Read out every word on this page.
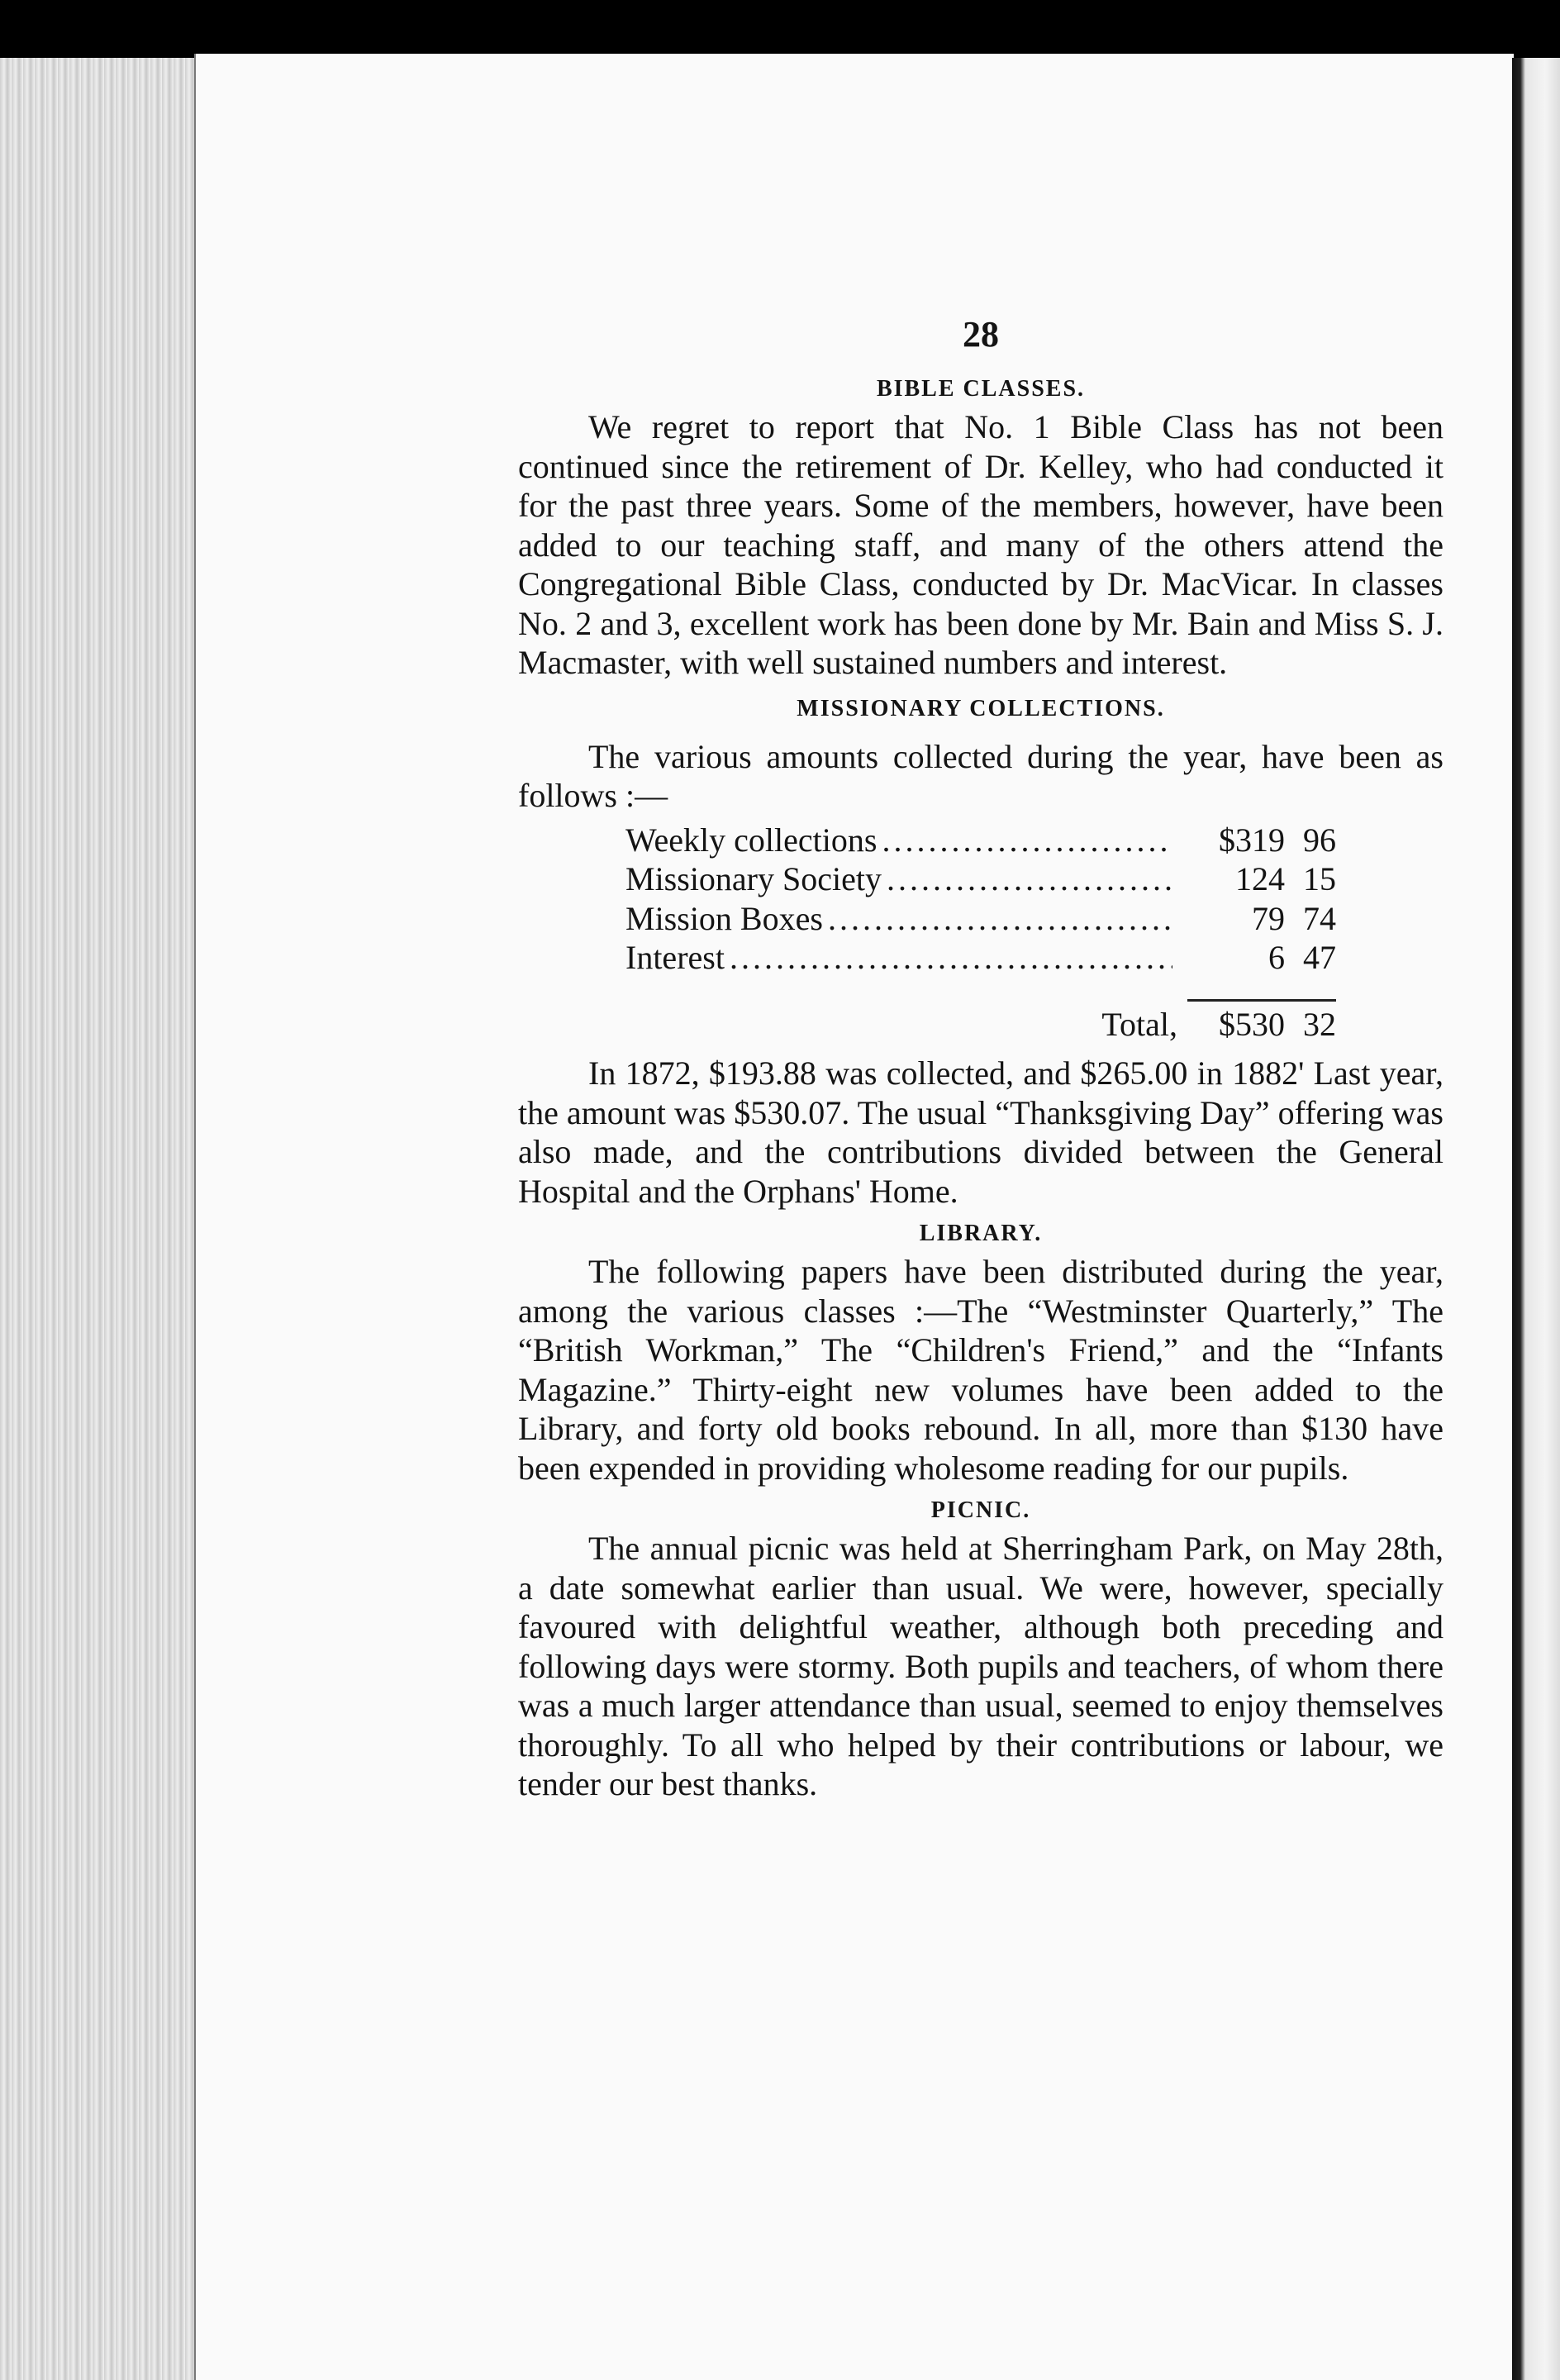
28
BIBLE CLASSES.

We regret to report that No. 1 Bible Class has not been continued since the retirement of Dr. Kelley, who had conducted it for the past three years. Some of the members, however, have been added to our teaching staff, and many of the others attend the Congregational Bible Class, conducted by Dr. MacVicar. In classes No. 2 and 3, excellent work has been done by Mr. Bain and Miss S. J. Macmaster, with well sustained numbers and interest.

MISSIONARY COLLECTIONS.

The various amounts collected during the year, have been as follows :—

Weekly collections .....	$319 96
Missionary Society .....	124 15
Mission Boxes .....	79 74
Interest .....	6 47
Total,	$530 32

In 1872, $193.88 was collected, and $265.00 in 1882' Last year, the amount was $530.07. The usual “Thanksgiving Day” offering was also made, and the contributions divided between the General Hospital and the Orphans' Home.

LIBRARY.

The following papers have been distributed during the year, among the various classes :—The “Westminster Quarterly,” The “British Workman,” The “Children's Friend,” and the “Infants Magazine.” Thirty-eight new volumes have been added to the Library, and forty old books rebound. In all, more than $130 have been expended in providing wholesome reading for our pupils.

PICNIC.

The annual picnic was held at Sherringham Park, on May 28th, a date somewhat earlier than usual. We were, however, specially favoured with delightful weather, although both preceding and following days were stormy. Both pupils and teachers, of whom there was a much larger attendance than usual, seemed to enjoy themselves thoroughly. To all who helped by their contributions or labour, we tender our best thanks.
